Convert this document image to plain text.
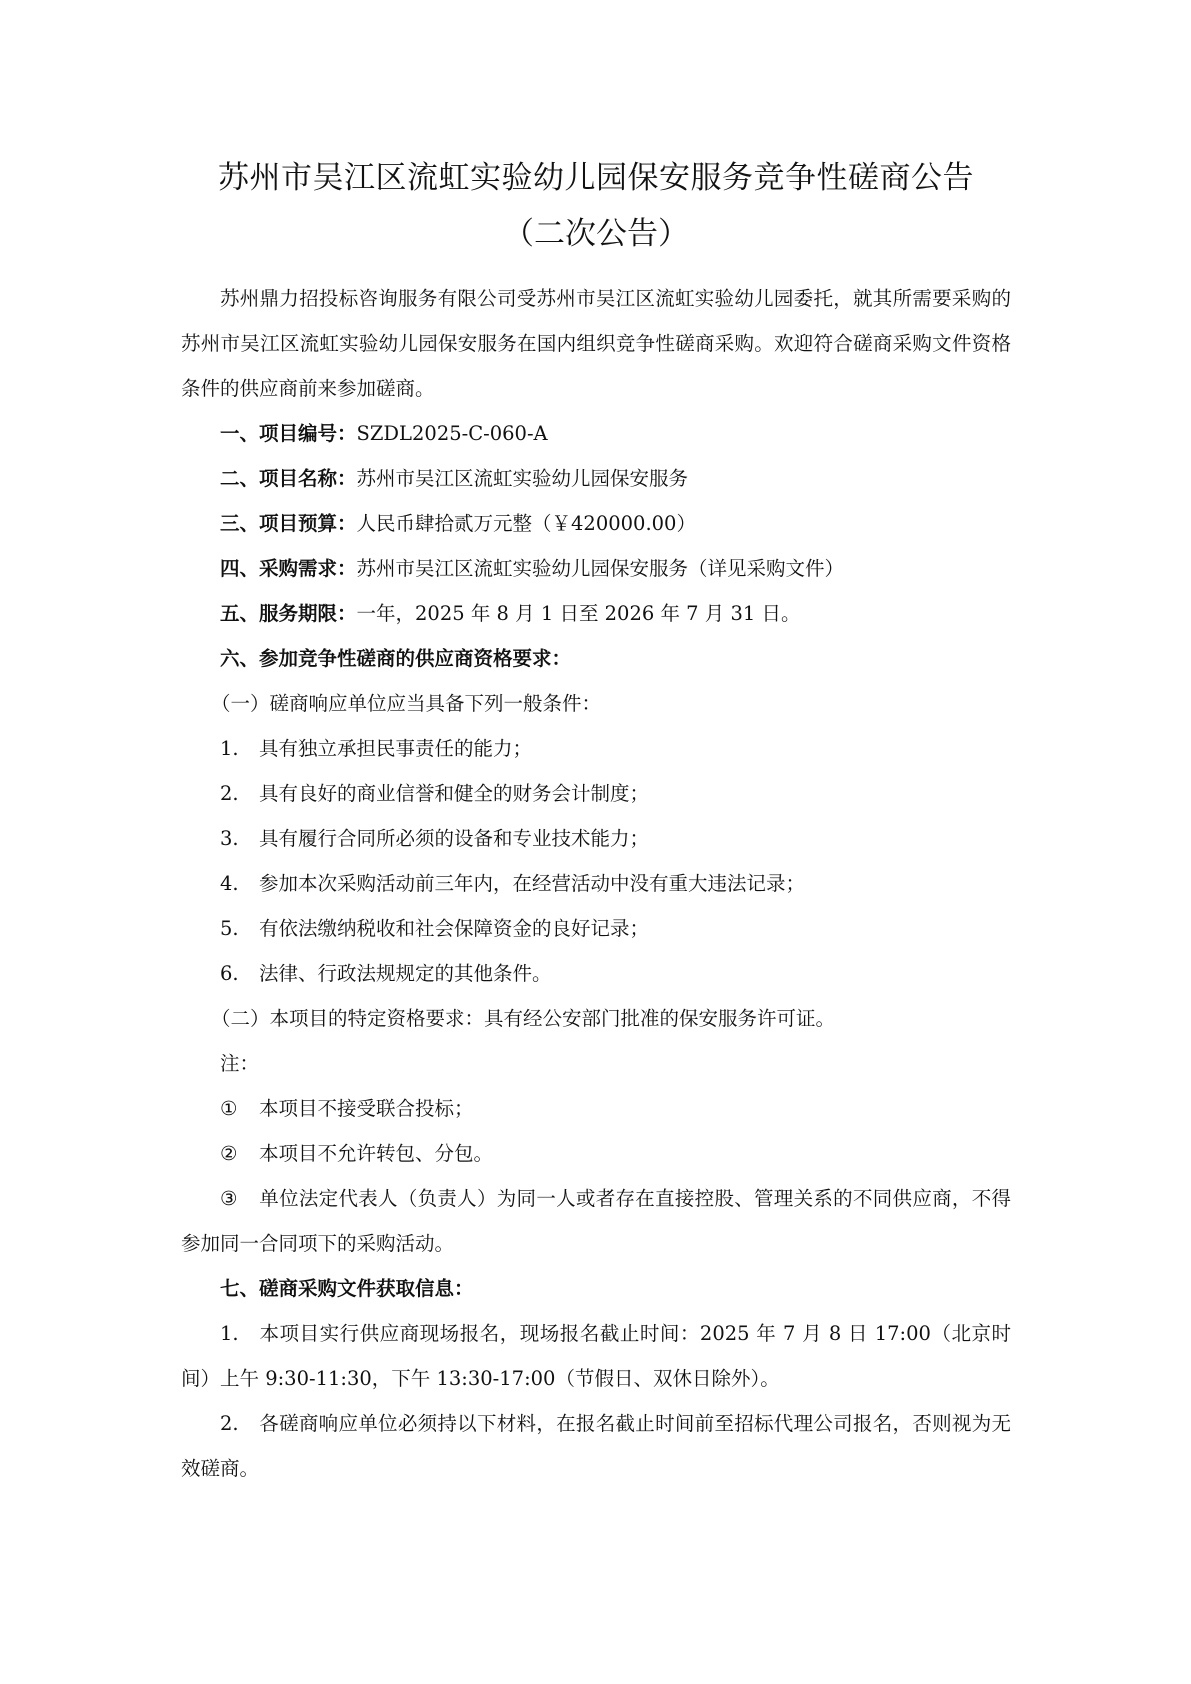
苏州市吴江区流虹实验幼儿园保安服务竞争性磋商公告
（二次公告）

苏州鼎力招投标咨询服务有限公司受苏州市吴江区流虹实验幼儿园委托，就其所需要采购的苏州市吴江区流虹实验幼儿园保安服务在国内组织竞争性磋商采购。欢迎符合磋商采购文件资格条件的供应商前来参加磋商。

一、项目编号：SZDL2025-C-060-A

二、项目名称：苏州市吴江区流虹实验幼儿园保安服务

三、项目预算：人民币肆拾贰万元整（￥420000.00）

四、采购需求：苏州市吴江区流虹实验幼儿园保安服务（详见采购文件）

五、服务期限：一年，2025 年 8 月 1 日至 2026 年 7 月 31 日。

六、参加竞争性磋商的供应商资格要求：

（一）磋商响应单位应当具备下列一般条件：

1. 具有独立承担民事责任的能力；

2. 具有良好的商业信誉和健全的财务会计制度；

3. 具有履行合同所必须的设备和专业技术能力；

4. 参加本次采购活动前三年内，在经营活动中没有重大违法记录；

5. 有依法缴纳税收和社会保障资金的良好记录；

6. 法律、行政法规规定的其他条件。

（二）本项目的特定资格要求：具有经公安部门批准的保安服务许可证。

注：

① 本项目不接受联合投标；

② 本项目不允许转包、分包。

③ 单位法定代表人（负责人）为同一人或者存在直接控股、管理关系的不同供应商，不得参加同一合同项下的采购活动。

七、磋商采购文件获取信息：

1. 本项目实行供应商现场报名，现场报名截止时间：2025 年 7 月 8 日 17:00（北京时间）上午 9:30-11:30，下午 13:30-17:00（节假日、双休日除外）。

2. 各磋商响应单位必须持以下材料，在报名截止时间前至招标代理公司报名，否则视为无效磋商。
